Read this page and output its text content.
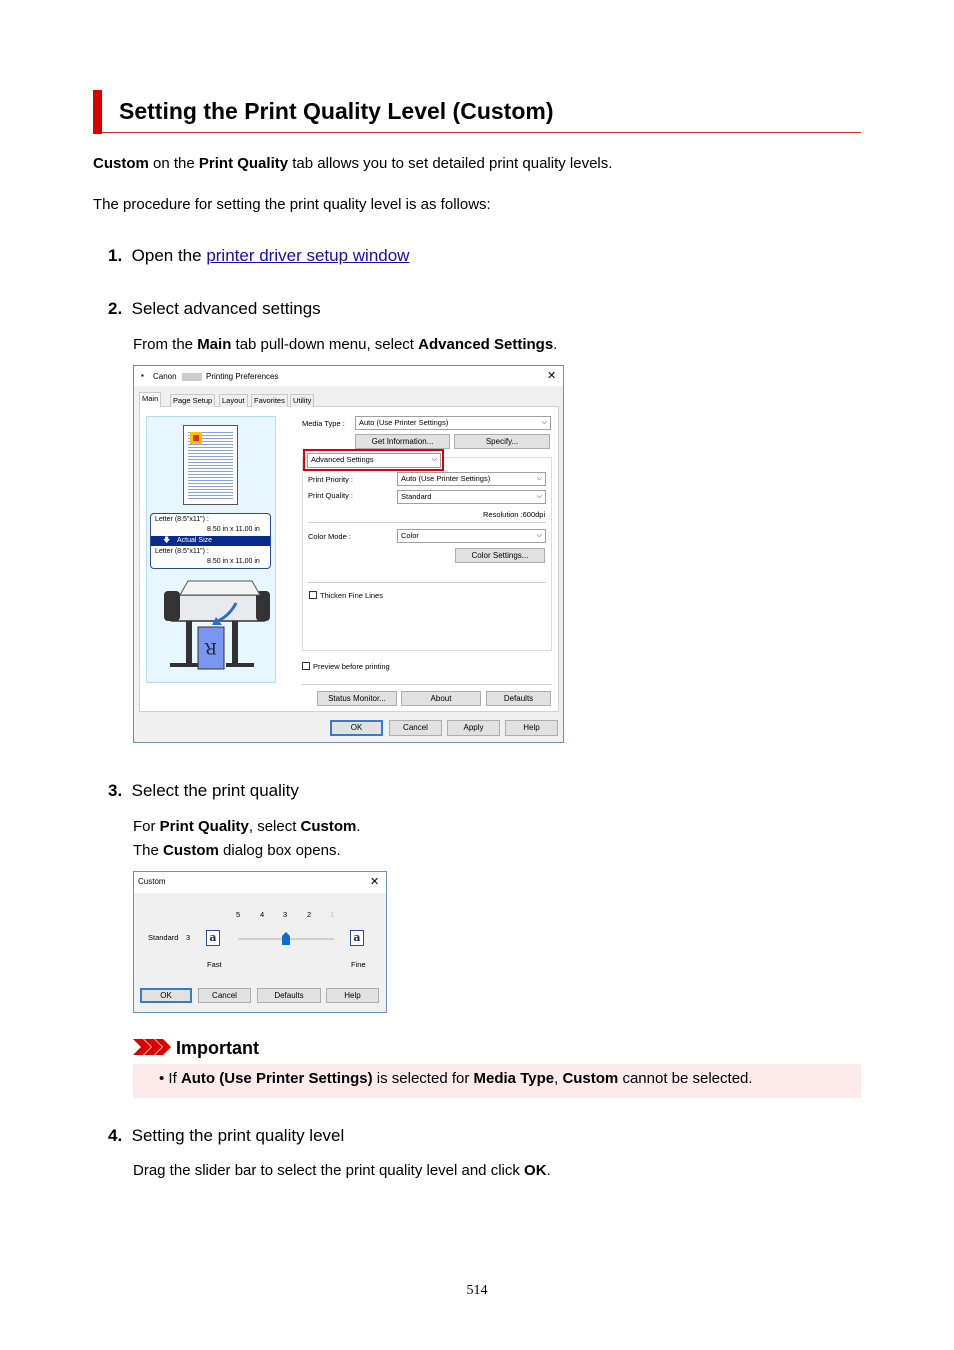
Setting the Print Quality Level (Custom)
Custom on the Print Quality tab allows you to set detailed print quality levels.
The procedure for setting the print quality level is as follows:
1. Open the printer driver setup window
2. Select advanced settings
From the Main tab pull-down menu, select Advanced Settings.
▪ Canon	Printing Preferences	✕
Main	Page Setup	Layout	Favorites	Utility
Letter (8.5"x11") :
8.50 in x 11.00 in
🡇 Actual Size
Letter (8.5"x11") :
8.50 in x 11.00 in
R
Media Type :	Auto (Use Printer Settings)	⌵
Get Information...	Specify...
Advanced Settings	⌵
Print Priority :	Auto (Use Printer Settings)	⌵
Print Quality :	Standard	⌵
Resolution :600dpi
Color Mode :	Color	⌵
Color Settings...
Thicken Fine Lines
Preview before printing
Status Monitor...	About	Defaults
OK	Cancel	Apply	Help
3. Select the print quality
For Print Quality, select Custom.
The Custom dialog box opens.
Custom	✕
Standard 3	a	a
5	4	3	2	1
Fast	Fine
OK	Cancel	Defaults	Help
Important
• If Auto (Use Printer Settings) is selected for Media Type, Custom cannot be selected.
4. Setting the print quality level
Drag the slider bar to select the print quality level and click OK.
514
